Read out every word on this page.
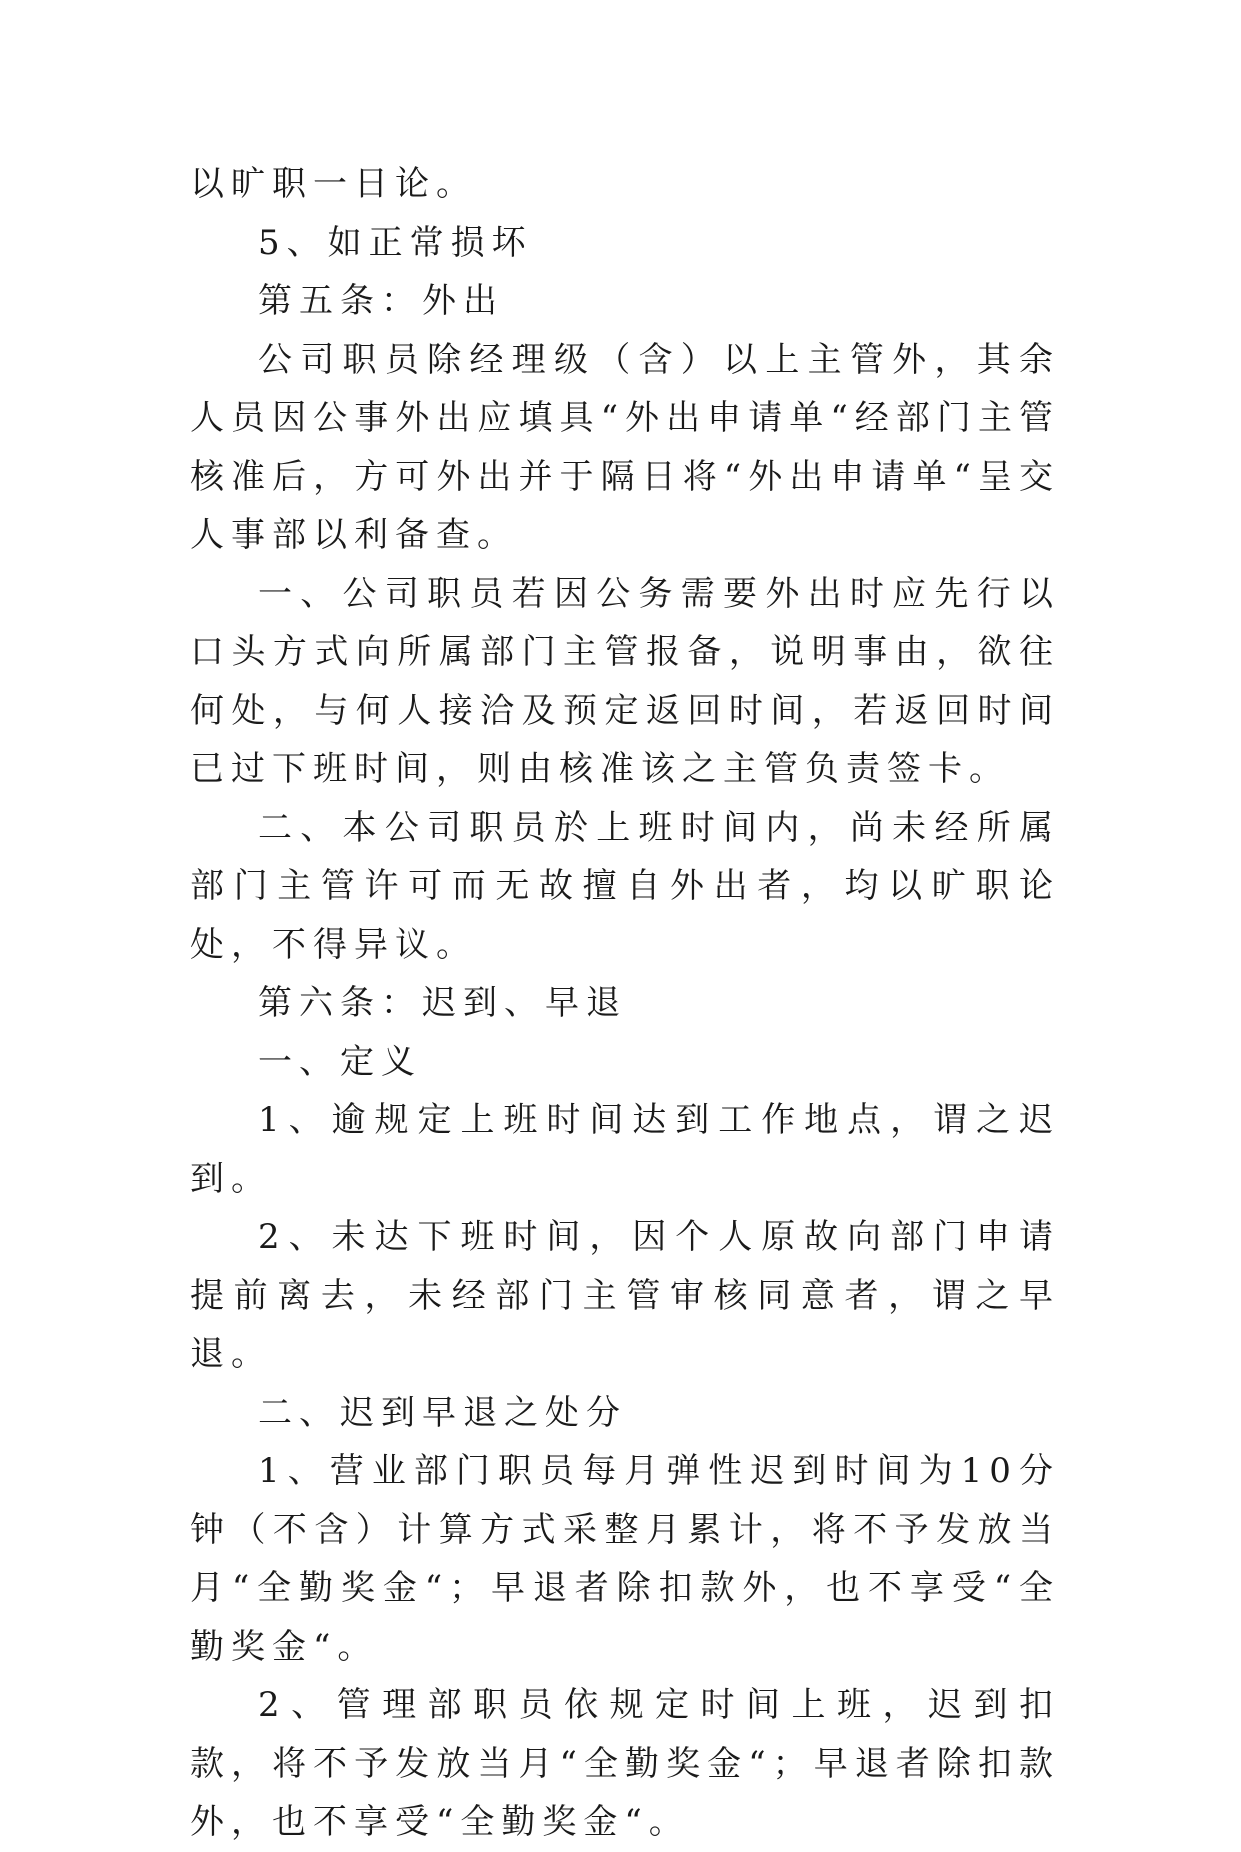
以旷职一日论。

5、如正常损坏

第五条：外出

公司职员除经理级（含）以上主管外，其余人员因公事外出应填具“外出申请单“经部门主管核准后，方可外出并于隔日将“外出申请单“呈交人事部以利备查。

一、公司职员若因公务需要外出时应先行以口头方式向所属部门主管报备，说明事由，欲往何处，与何人接洽及预定返回时间，若返回时间已过下班时间，则由核准该之主管负责签卡。

二、本公司职员於上班时间内，尚未经所属部门主管许可而无故擅自外出者，均以旷职论处，不得异议。

第六条：迟到、早退

一、定义

1、逾规定上班时间达到工作地点，谓之迟到。

2、未达下班时间，因个人原故向部门申请提前离去，未经部门主管审核同意者，谓之早退。

二、迟到早退之处分

1、营业部门职员每月弹性迟到时间为10分钟（不含）计算方式采整月累计，将不予发放当月“全勤奖金“；早退者除扣款外，也不享受“全勤奖金“。

2、管理部职员依规定时间上班，迟到扣款，将不予发放当月“全勤奖金“；早退者除扣款外，也不享受“全勤奖金“。
